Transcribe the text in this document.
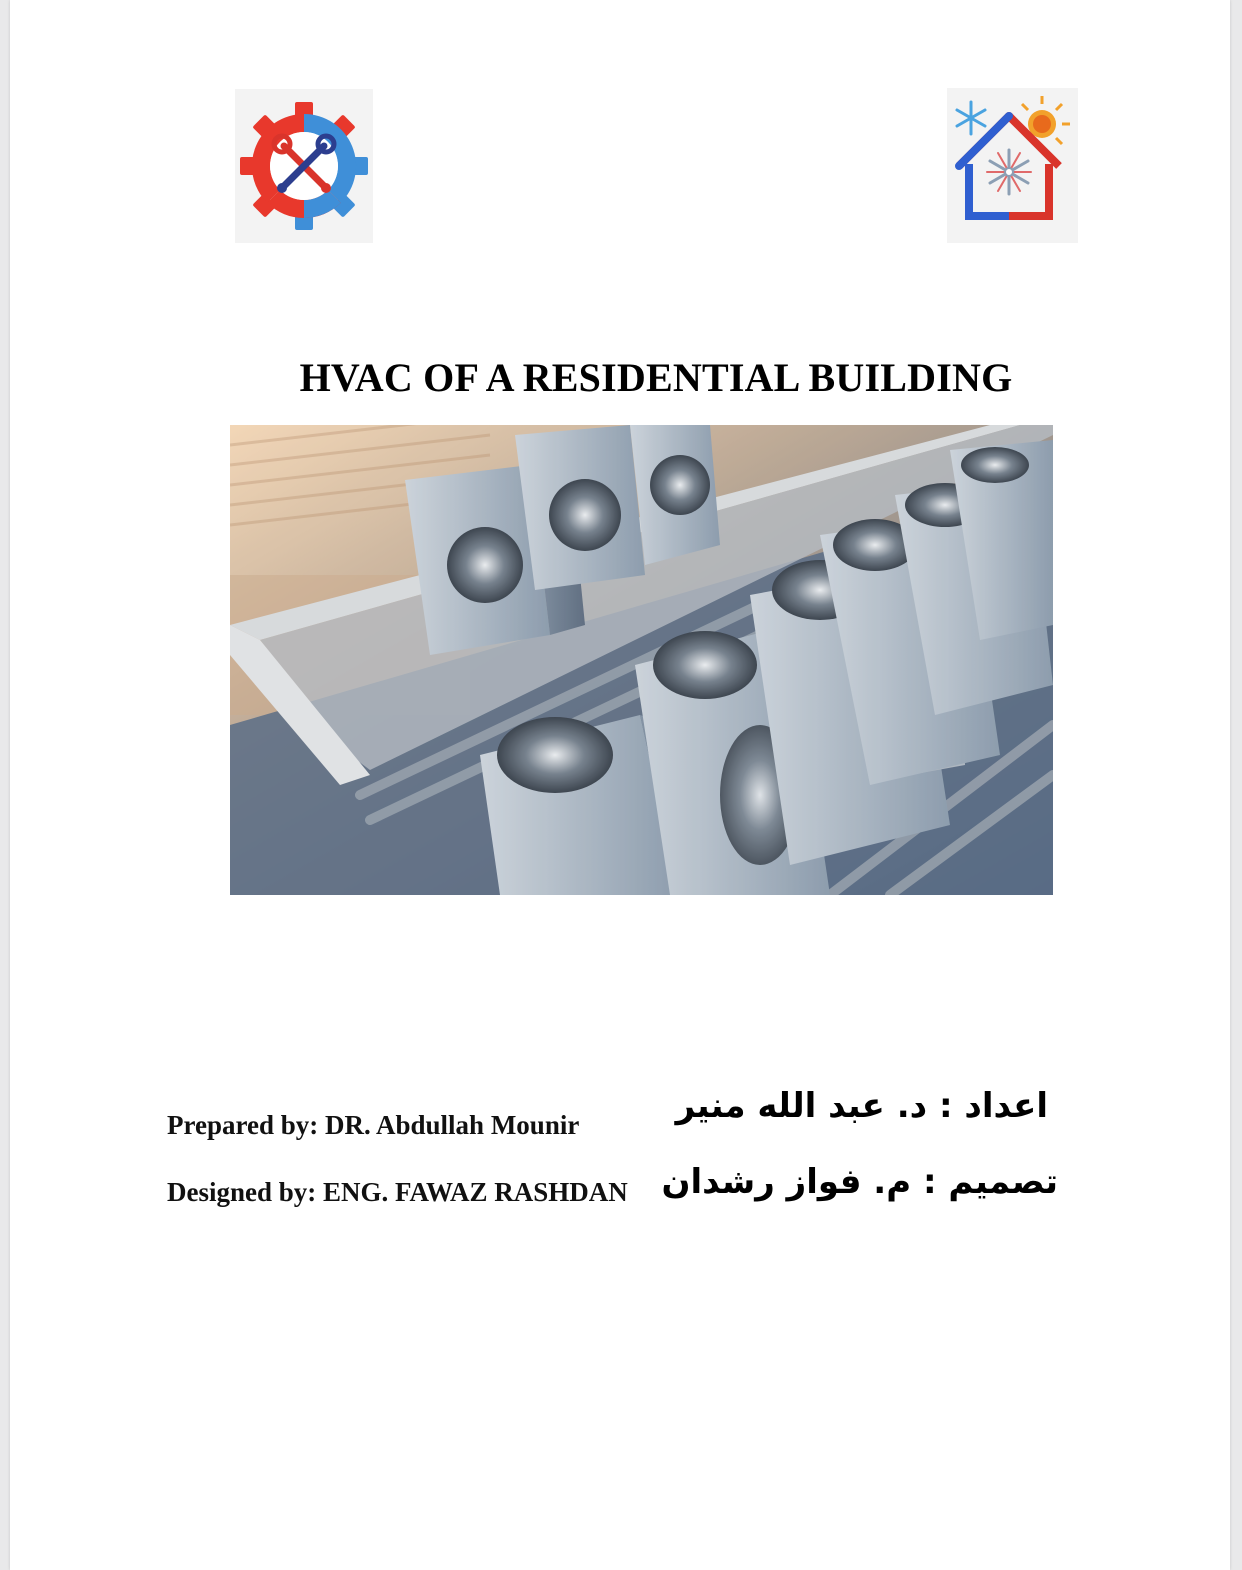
HVAC OF A RESIDENTIAL BUILDING
Prepared by: DR. Abdullah Mounir
Designed by: ENG. FAWAZ RASHDAN
اعداد : د. عبد الله منير
تصميم : م. فواز رشدان
